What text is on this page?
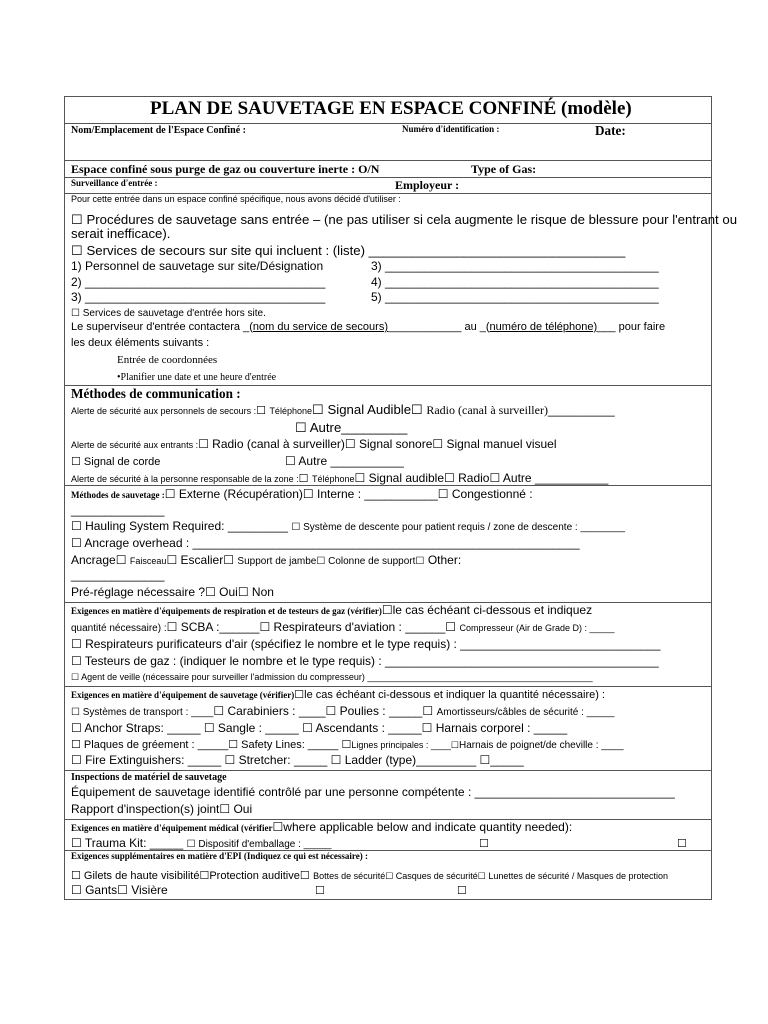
PLAN DE SAUVETAGE EN ESPACE CONFINÉ (modèle)
Nom/Emplacement de l'Espace Confiné :	Numéro d'identification :	Date:
Espace confiné sous purge de gaz ou couverture inerte : O/N	Type of Gas:
Surveillance d'entrée :	Employeur :
Pour cette entrée dans un espace confiné spécifique, nous avons décidé d'utiliser :
☐ Procédures de sauvetage sans entrée – (ne pas utiliser si cela augmente le risque de blessure pour l'entrant ou
serait inefficace).
☐ Services de secours sur site qui incluent : (liste) ___________________________________
1) Personnel de sauvetage sur site/Désignation	3) _________________________________________
2) ____________________________________	4) _________________________________________
3) ____________________________________	5) _________________________________________
☐ Services de sauvetage d'entrée hors site.
Le superviseur d'entrée contactera _(nom du service de secours)____________ au _(numéro de téléphone)___ pour faire
les deux éléments suivants :
Entrée de coordonnées
•Planifier une date et une heure d'entrée
Méthodes de communication :
Alerte de sécurité aux personnels de secours :☐ Téléphone☐ Signal Audible☐ Radio (canal à surveiller)__________
☐ Autre_________
Alerte de sécurité aux entrants :☐ Radio (canal à surveiller)☐ Signal sonore☐ Signal manuel visuel
☐ Signal de corde	☐ Autre ___________
Alerte de sécurité à la personne responsable de la zone :☐ Téléphone☐ Signal audible☐ Radio☐ Autre ___________
Méthodes de sauvetage :☐ Externe (Récupération)☐ Interne : ___________☐ Congestionné :
______________
☐ Hauling System Required: _________ ☐ Système de descente pour patient requis / zone de descente : ________
☐ Ancrage overhead : __________________________________________________________
Ancrage☐ Faisceau☐ Escalier☐ Support de jambe☐ Colonne de support☐ Other:
______________
Pré-réglage nécessaire ?☐ Oui☐ Non
Exigences en matière d'équipements de respiration et de testeurs de gaz (vérifier)☐le cas échéant ci-dessous et indiquez
quantité nécessaire) :☐ SCBA :______☐ Respirateurs d'aviation : ______☐ Compresseur (Air de Grade D) : _____
☐ Respirateurs purificateurs d'air (spécifiez le nombre et le type requis) : ______________________________
☐ Testeurs de gaz : (indiquer le nombre et le type requis) : _________________________________________
☐ Agent de veille (nécessaire pour surveiller l'admission du compresseur) _____________________________________________
Exigences en matière d'équipement de sauvetage (vérifier)☐le cas échéant ci-dessous et indiquer la quantité nécessaire) :
☐ Systèmes de transport : ____☐ Carabiniers : ____☐ Poulies : _____☐ Amortisseurs/câbles de sécurité : _____
☐ Anchor Straps: _____ ☐ Sangle : _____ ☐ Ascendants : _____☐ Harnais corporel : _____
☐ Plaques de gréement : _____☐ Safety Lines: _____ ☐Lignes principales : ____☐Harnais de poignet/de cheville : ____
☐ Fire Extinguishers: _____ ☐ Stretcher: _____ ☐ Ladder (type)_________ ☐_____
Inspections de matériel de sauvetage
Équipement de sauvetage identifié contrôlé par une personne compétente : ______________________________
Rapport d'inspection(s) joint☐ Oui
Exigences en matière d'équipement médical (vérifier☐where applicable below and indicate quantity needed):
☐ Trauma Kit: _____ ☐ Dispositif d'emballage : _____	☐	☐
Exigences supplémentaires en matière d'EPI (Indiquez ce qui est nécessaire) :
☐ Gilets de haute visibilité☐Protection auditive☐ Bottes de sécurité☐ Casques de sécurité☐ Lunettes de sécurité / Masques de protection
☐ Gants☐ Visière	☐	☐
